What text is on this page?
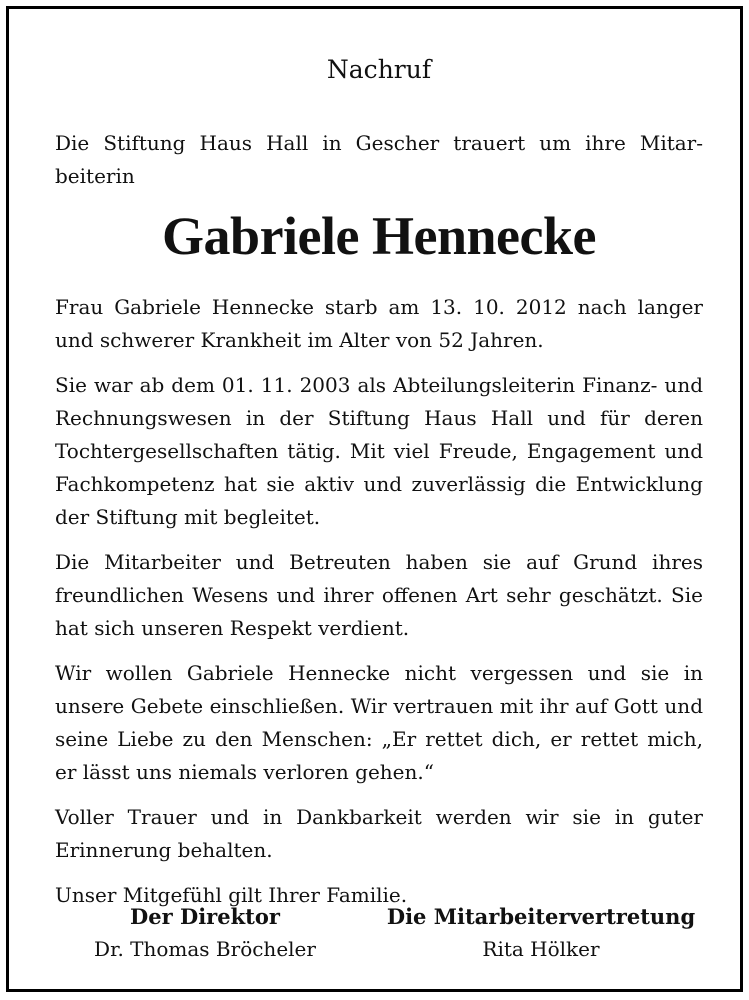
Nachruf
Die Stiftung Haus Hall in Gescher trauert um ihre Mitarbeiterin
Gabriele Hennecke

Frau Gabriele Hennecke starb am 13. 10. 2012 nach langer und schwerer Krankheit im Alter von 52 Jahren.

Sie war ab dem 01. 11. 2003 als Abteilungsleiterin Finanz- und Rechnungswesen in der Stiftung Haus Hall und für deren Tochtergesellschaften tätig. Mit viel Freude, Engagement und Fachkompetenz hat sie aktiv und zuverlässig die Entwicklung der Stiftung mit begleitet.

Die Mitarbeiter und Betreuten haben sie auf Grund ihres freundlichen Wesens und ihrer offenen Art sehr geschätzt. Sie hat sich unseren Respekt verdient.

Wir wollen Gabriele Hennecke nicht vergessen und sie in unsere Gebete einschließen. Wir vertrauen mit ihr auf Gott und seine Liebe zu den Menschen: „Er rettet dich, er rettet mich, er lässt uns niemals verloren gehen.“

Voller Trauer und in Dankbarkeit werden wir sie in guter Erinnerung behalten.

Unser Mitgefühl gilt Ihrer Familie.

Der Direktor
Dr. Thomas Bröcheler
Die Mitarbeitervertretung
Rita Hölker
